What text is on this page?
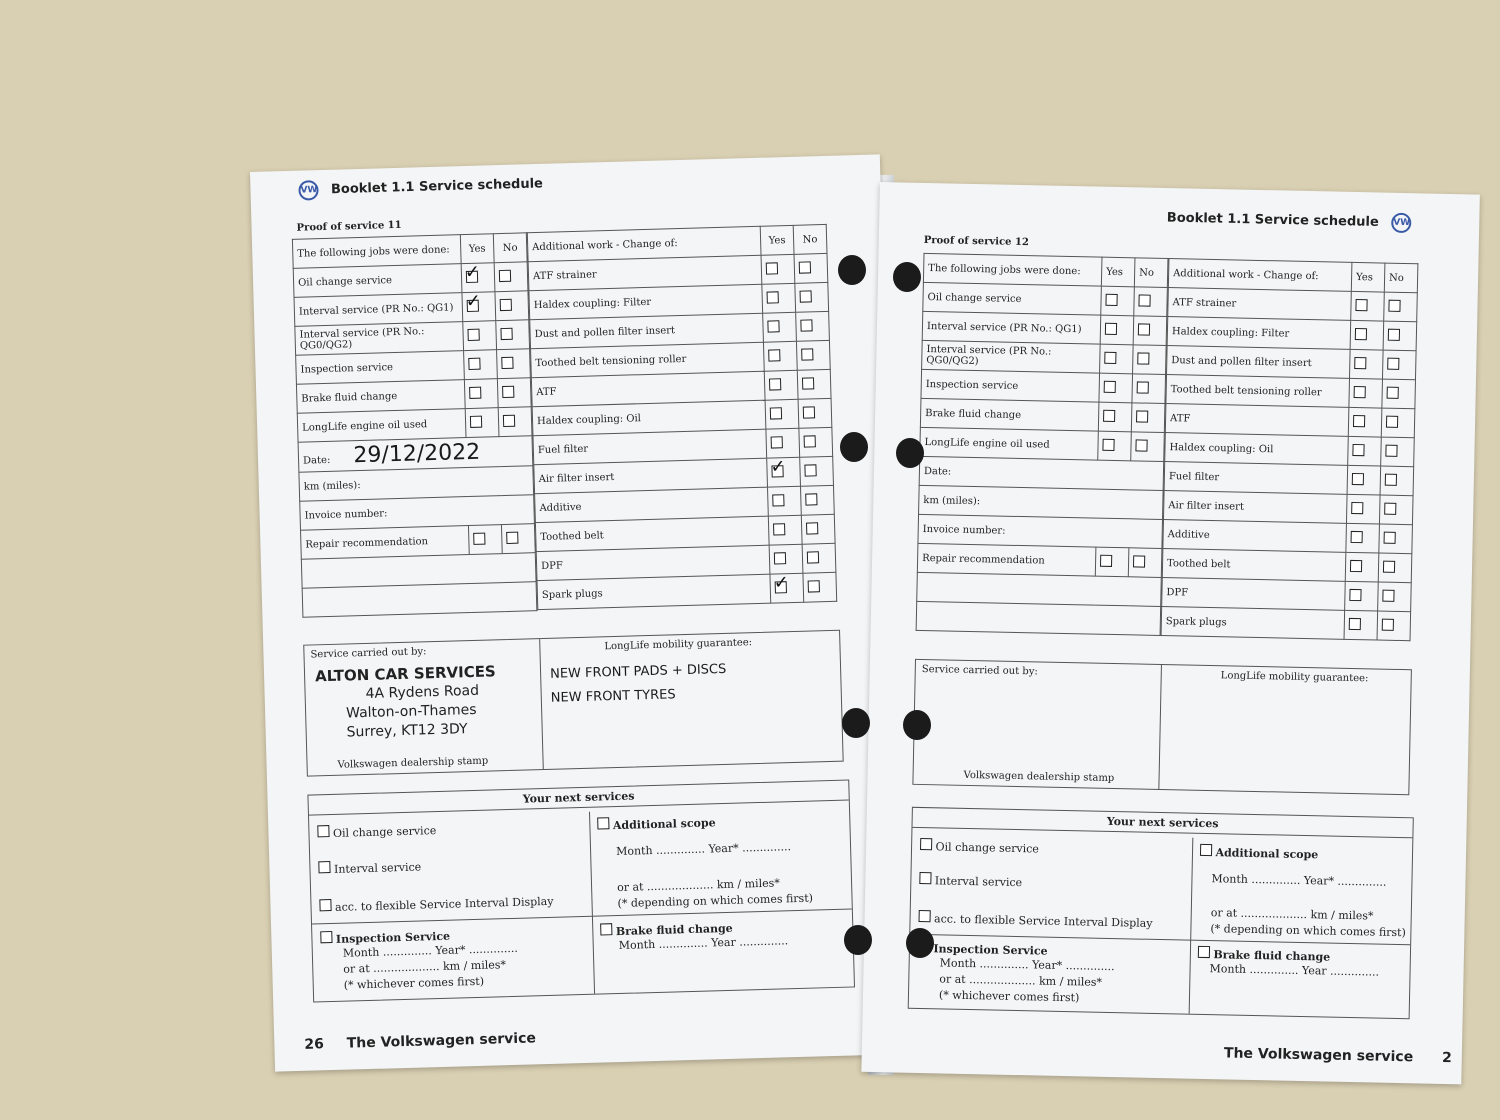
VW Booklet 1.1 Service schedule
Proof of service 11
The following jobs were done:	Yes	No
Oil change service	✓	
Interval service (PR No.: QG1)	✓	
Interval service (PR No.: QG0/QG2)		
Inspection service		
Brake fluid change		
LongLife engine oil used		
Date: 29/12/2022		
km (miles):		
Invoice number:		
Repair recommendation		

Additional work - Change of:	Yes	No
ATF strainer		
Haldex coupling: Filter		
Dust and pollen filter insert		
Toothed belt tensioning roller		
ATF		
Haldex coupling: Oil		
Fuel filter		
Air filter insert	✓	
Additive		
Toothed belt		
DPF		
Spark plugs	✓	
Service carried out by:
ALTON CAR SERVICES
4A Rydens Road
Walton-on-Thames
Surrey, KT12 3DY
Volkswagen dealership stamp
LongLife mobility guarantee:
NEW FRONT PADS + DISCS
NEW FRONT TYRES
Your next services
Oil change service
Interval service
acc. to flexible Service Interval Display
Additional scope
Month .............. Year* ..............
or at ................... km / miles*
(* depending on which comes first)
Inspection Service
Month .............. Year* ..............
or at ................... km / miles*
(* whichever comes first)
Brake fluid change
Month .............. Year ..............
26 The Volkswagen service
Booklet 1.1 Service schedule VW
Proof of service 12
The following jobs were done:	Yes	No
Oil change service		
Interval service (PR No.: QG1)		
Interval service (PR No.: QG0/QG2)		
Inspection service		
Brake fluid change		
LongLife engine oil used		
Date:		
km (miles):		
Invoice number:		
Repair recommendation		

Additional work - Change of:	Yes	No
ATF strainer		
Haldex coupling: Filter		
Dust and pollen filter insert		
Toothed belt tensioning roller		
ATF		
Haldex coupling: Oil		
Fuel filter		
Air filter insert		
Additive		
Toothed belt		
DPF		
Spark plugs		
Service carried out by:
Volkswagen dealership stamp
LongLife mobility guarantee:
Your next services
Oil change service
Interval service
acc. to flexible Service Interval Display
Additional scope
Month .............. Year* ..............
or at ................... km / miles*
(* depending on which comes first)
Inspection Service
Month .............. Year* ..............
or at ................... km / miles*
(* whichever comes first)
Brake fluid change
Month .............. Year ..............
The Volkswagen service 2
